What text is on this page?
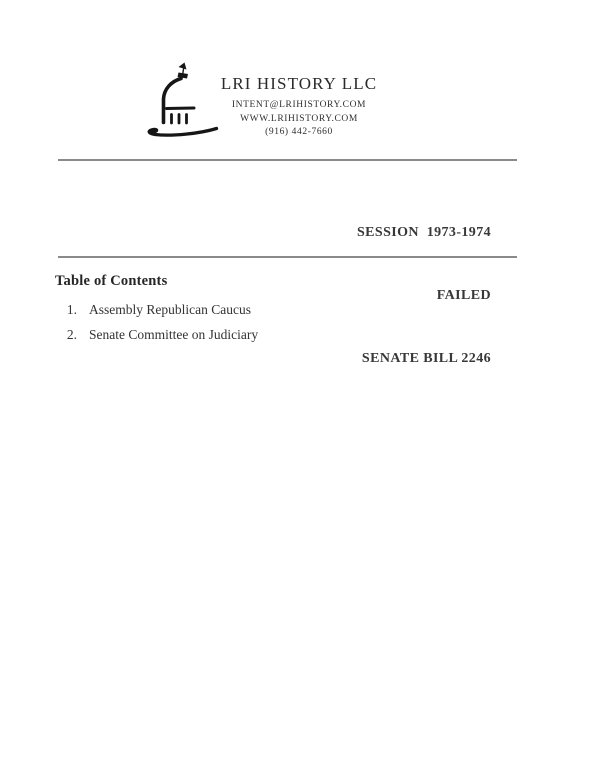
LRI HISTORY LLC
INTENT@LRIHISTORY.COM
WWW.LRIHISTORY.COM
(916) 442-7660

SESSION  1973-1974

FAILED

SENATE BILL 2246

Table of Contents
1. Assembly Republican Caucus
2. Senate Committee on Judiciary
